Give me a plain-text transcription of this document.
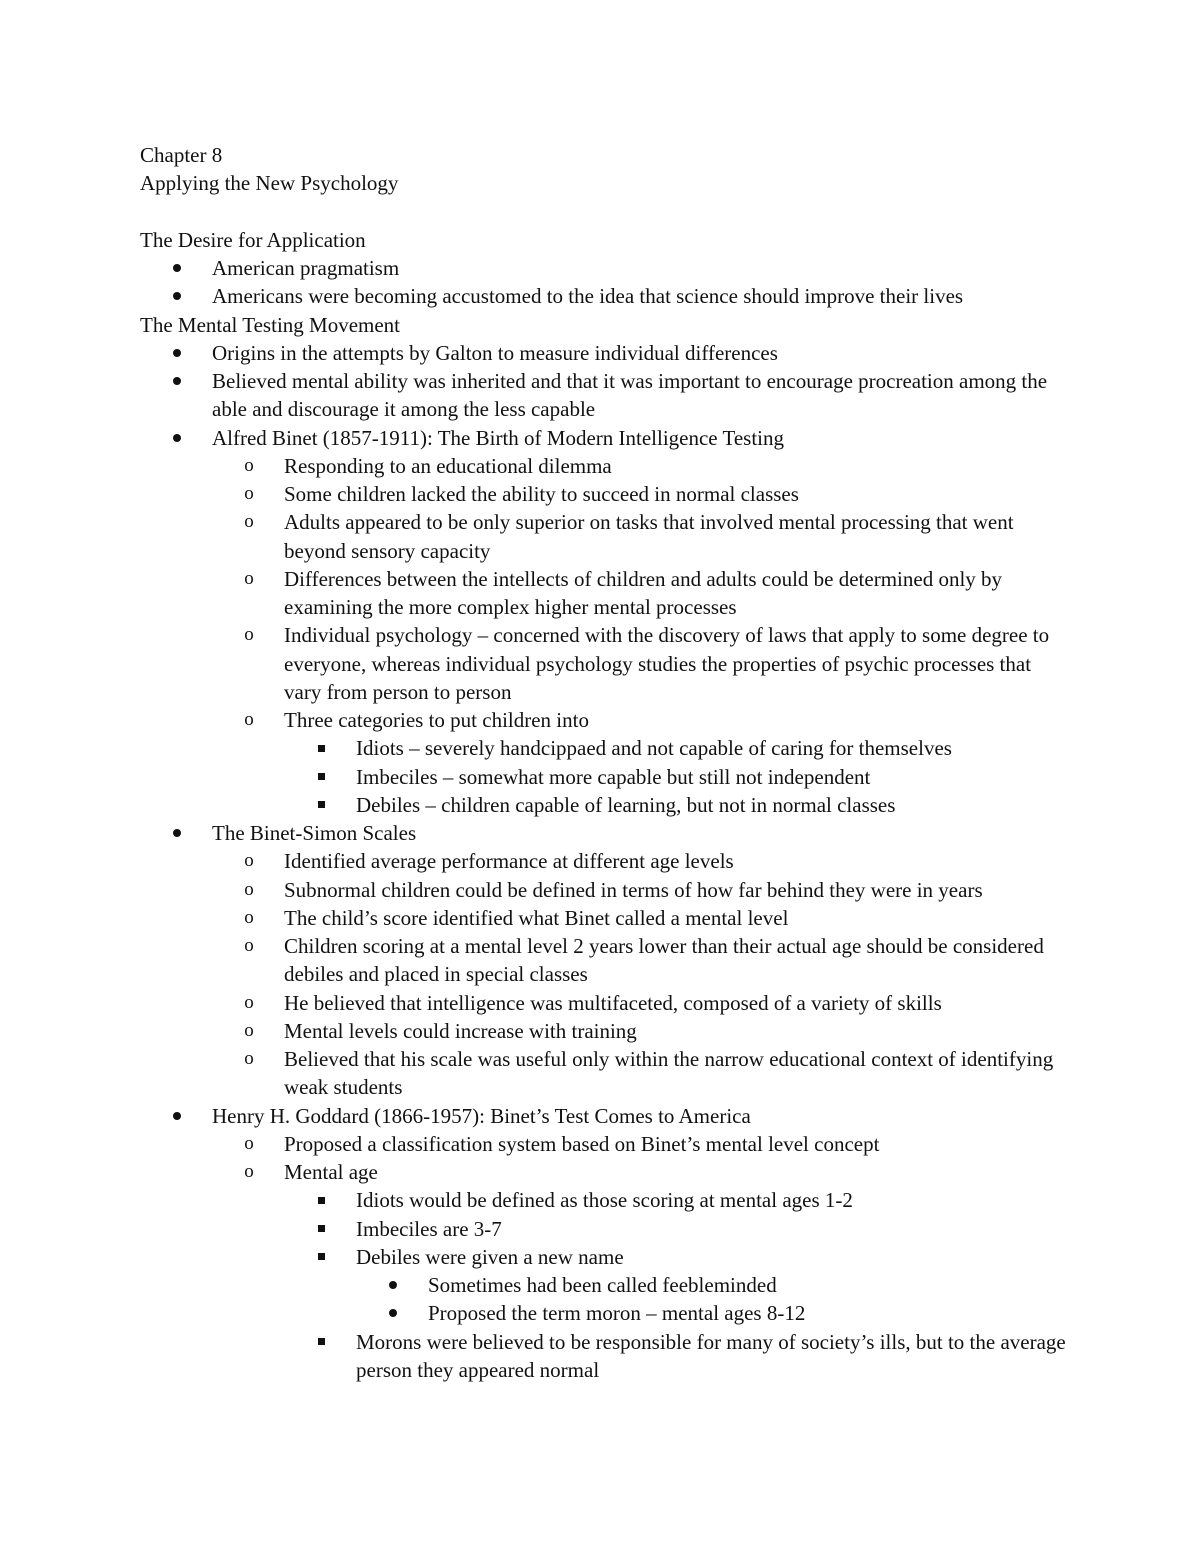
Chapter 8
Applying the New Psychology
The Desire for Application
American pragmatism
Americans were becoming accustomed to the idea that science should improve their lives
The Mental Testing Movement
Origins in the attempts by Galton to measure individual differences
Believed mental ability was inherited and that it was important to encourage procreation among the able and discourage it among the less capable
Alfred Binet (1857-1911): The Birth of Modern Intelligence Testing
o
Responding to an educational dilemma
o
Some children lacked the ability to succeed in normal classes
o
Adults appeared to be only superior on tasks that involved mental processing that went beyond sensory capacity
o
Differences between the intellects of children and adults could be determined only by examining the more complex higher mental processes
o
Individual psychology – concerned with the discovery of laws that apply to some degree to everyone, whereas individual psychology studies the properties of psychic processes that vary from person to person
o
Three categories to put children into
Idiots – severely handcippaed and not capable of caring for themselves
Imbeciles – somewhat more capable but still not independent
Debiles – children capable of learning, but not in normal classes
The Binet-Simon Scales
o
Identified average performance at different age levels
o
Subnormal children could be defined in terms of how far behind they were in years
o
The child’s score identified what Binet called a mental level
o
Children scoring at a mental level 2 years lower than their actual age should be considered debiles and placed in special classes
o
He believed that intelligence was multifaceted, composed of a variety of skills
o
Mental levels could increase with training
o
Believed that his scale was useful only within the narrow educational context of identifying weak students
Henry H. Goddard (1866-1957): Binet’s Test Comes to America
o
Proposed a classification system based on Binet’s mental level concept
o
Mental age
Idiots would be defined as those scoring at mental ages 1-2
Imbeciles are 3-7
Debiles were given a new name
Sometimes had been called feebleminded
Proposed the term moron – mental ages 8-12
Morons were believed to be responsible for many of society’s ills, but to the average person they appeared normal
